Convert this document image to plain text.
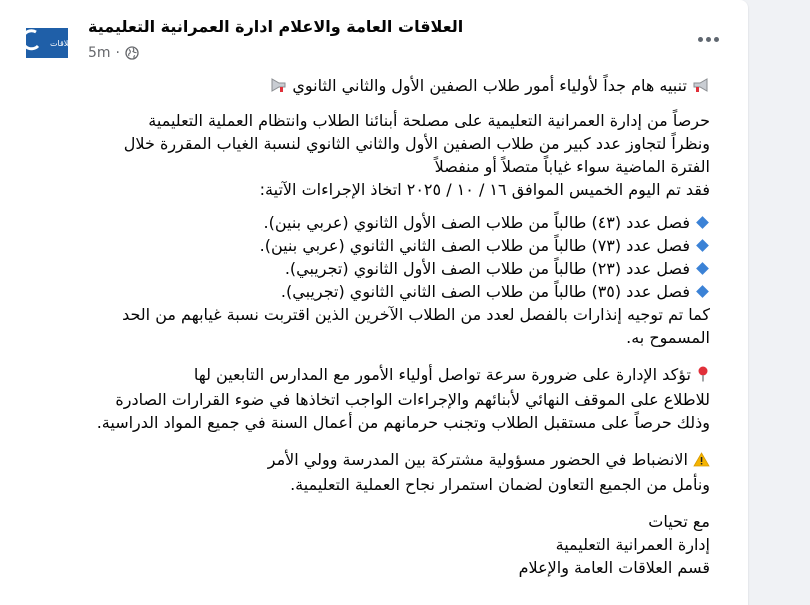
العلاقات
العلاقات العامة والاعلام ادارة العمرانية التعليمية
5m ·

تنبيه هام جداً لأولياء أمور طلاب الصفين الأول والثاني الثانوي

حرصاً من إدارة العمرانية التعليمية على مصلحة أبنائنا الطلاب وانتظام العملية التعليمية

ونظراً لتجاوز عدد كبير من طلاب الصفين الأول والثاني الثانوي لنسبة الغياب المقررة خلال

الفترة الماضية سواء غياباً متصلاً أو منفصلاً

فقد تم اليوم الخميس الموافق ١٦ / ١٠ / ٢٠٢٥ اتخاذ الإجراءات الآتية:

فصل عدد (٤٣) طالباً من طلاب الصف الأول الثانوي (عربي بنين).

فصل عدد (٧٣) طالباً من طلاب الصف الثاني الثانوي (عربي بنين).

فصل عدد (٢٣) طالباً من طلاب الصف الأول الثانوي (تجريبي).

فصل عدد (٣٥) طالباً من طلاب الصف الثاني الثانوي (تجريبي).

كما تم توجيه إنذارات بالفصل لعدد من الطلاب الآخرين الذين اقتربت نسبة غيابهم من الحد

المسموح به.

تؤكد الإدارة على ضرورة سرعة تواصل أولياء الأمور مع المدارس التابعين لها

للاطلاع على الموقف النهائي لأبنائهم والإجراءات الواجب اتخاذها في ضوء القرارات الصادرة

وذلك حرصاً على مستقبل الطلاب وتجنب حرمانهم من أعمال السنة في جميع المواد الدراسية.

الانضباط في الحضور مسؤولية مشتركة بين المدرسة وولي الأمر

ونأمل من الجميع التعاون لضمان استمرار نجاح العملية التعليمية.

مع تحيات

إدارة العمرانية التعليمية

قسم العلاقات العامة والإعلام
